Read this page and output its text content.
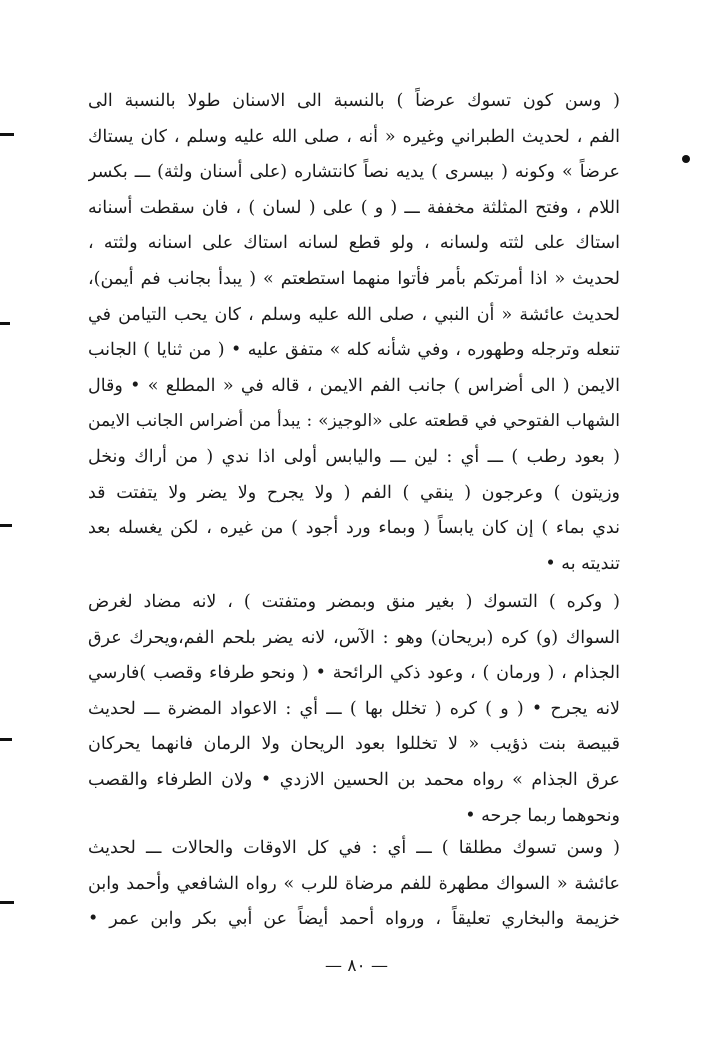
( وسن كون تسوك عرضاً ) بالنسبة الى الاسنان طولا بالنسبة الى
الفم ، لحديث الطبراني وغيره « أنه ، صلى الله عليه وسلم ، كان يستاك
عرضاً » وكونه ( بيسرى ) يديه نصاً كانتشاره (على أسنان ولثة) ـــ بكسر
اللام ، وفتح المثلثة مخففة ـــ ( و ) على ( لسان ) ، فان سقطت أسنانه
استاك على لثته ولسانه ، ولو قطع لسانه استاك على اسنانه ولثته ،
لحديث « اذا أمرتكم بأمر فأتوا منهما استطعتم » ( يبدأ بجانب فم أيمن)،
لحديث عائشة « أن النبي ، صلى الله عليه وسلم ، كان يحب التيامن في
تنعله وترجله وطهوره ، وفي شأنه كله » متفق عليه • ( من ثنايا ) الجانب
الايمن ( الى أضراس ) جانب الفم الايمن ، قاله في « المطلع » • وقال
الشهاب الفتوحي في قطعته على «الوجيز» : يبدأ من أضراس الجانب الايمن
( بعود رطب ) ـــ أي : لين ـــ واليابس أولى اذا ندي ( من أراك ونخل
وزيتون ) وعرجون ( ينقي ) الفم ( ولا يجرح ولا يضر ولا يتفتت قد
ندي بماء ) إن كان يابساً ( وبماء ورد أجود ) من غيره ، لكن يغسله بعد
تنديته به •
( وكره ) التسوك ( بغير منق وبمضر ومتفتت ) ، لانه مضاد لغرض
السواك (و) كره (بريحان) وهو : الآس، لانه يضر بلحم الفم،ويحرك عرق
الجذام ، ( ورمان ) ، وعود ذكي الرائحة • ( ونحو طرفاء وقصب )فارسي
لانه يجرح • ( و ) كره ( تخلل بها ) ـــ أي : الاعواد المضرة ـــ لحديث
قبيصة بنت ذؤيب « لا تخللوا بعود الريحان ولا الرمان فانهما يحركان
عرق الجذام » رواه محمد بن الحسين الازدي • ولان الطرفاء والقصب
ونحوهما ربما جرحه •
( وسن تسوك مطلقا ) ـــ أي : في كل الاوقات والحالات ـــ لحديث
عائشة « السواك مطهرة للفم مرضاة للرب » رواه الشافعي وأحمد وابن
خزيمة والبخاري تعليقاً ، ورواه أحمد أيضاً عن أبي بكر وابن عمر •
— ٨٠ —
